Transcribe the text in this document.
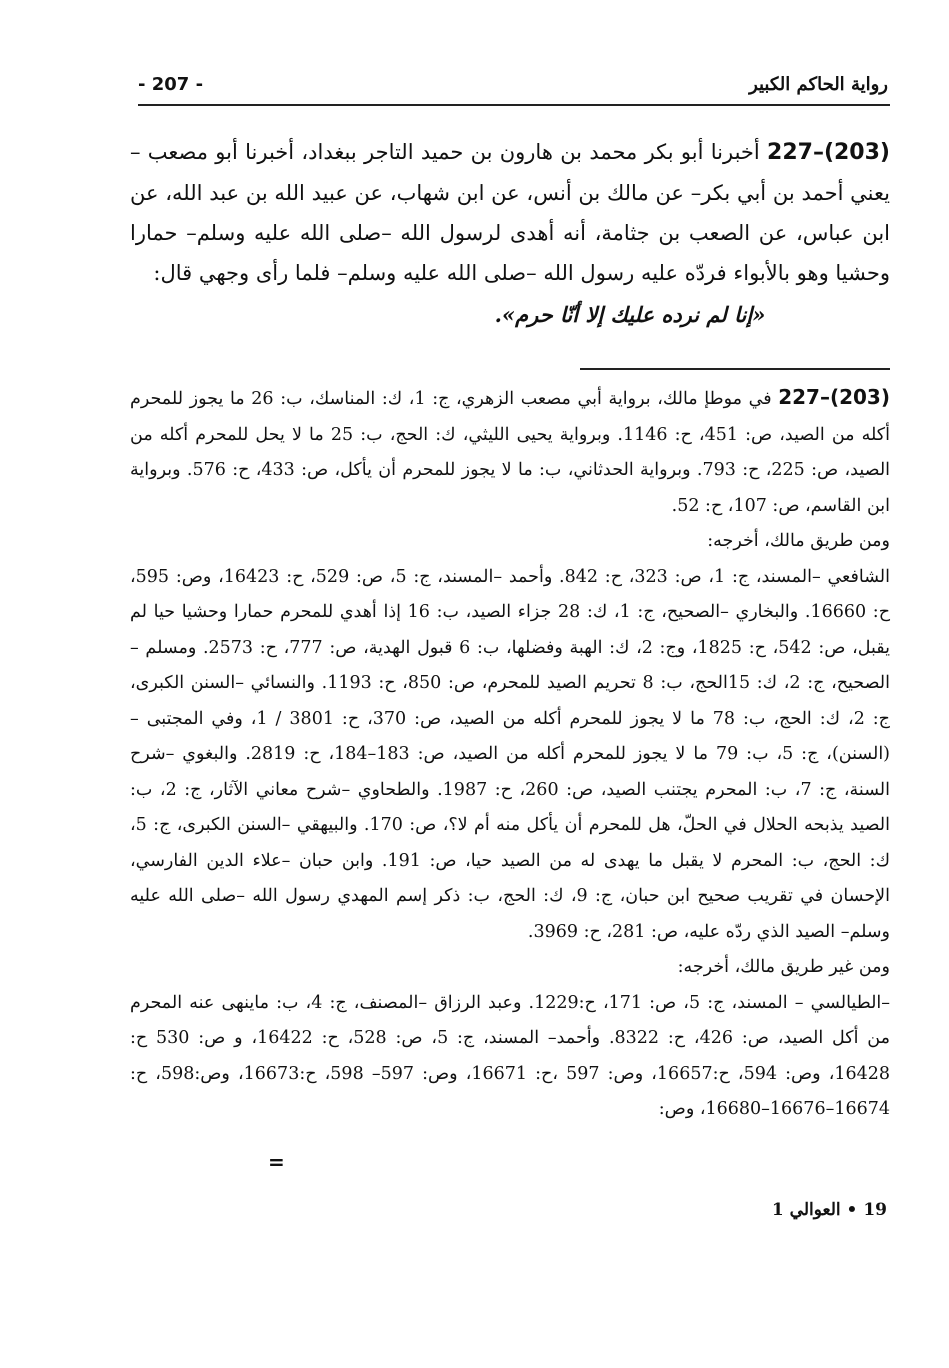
رواية الحاكم الكبير
- 207 -

227–(203) أخبرنا أبو بكر محمد بن هارون بن حميد التاجر ببغداد، أخبرنا أبو مصعب –يعني أحمد بن أبي بكر– عن مالك بن أنس، عن ابن شهاب، عن عبيد الله بن عبد الله، عن ابن عباس، عن الصعب بن جثامة، أنه أهدى لرسول الله –صلى الله عليه وسلم– حمارا وحشيا وهو بالأبواء فردّه عليه رسول الله –صلى الله عليه وسلم– فلما رأى وجهي قال:
«إنا لم نرده عليك إلا أنّا حرم».

227–(203) في موطإ مالك، برواية أبي مصعب الزهري، ج: 1، ك: المناسك، ب: 26 ما يجوز للمحرم أكله من الصيد، ص: 451، ح: 1146. وبرواية يحيى الليثي، ك: الحج، ب: 25 ما لا يحل للمحرم أكله من الصيد، ص: 225، ح: 793. وبرواية الحدثاني، ب: ما لا يجوز للمحرم أن يأكل، ص: 433، ح: 576. وبرواية ابن القاسم، ص: 107، ح: 52.

ومن طريق مالك، أخرجه:

الشافعي –المسند، ج: 1، ص: 323، ح: 842. وأحمد –المسند، ج: 5، ص: 529، ح: 16423، وص: 595، ح: 16660. والبخاري –الصحيح، ج: 1، ك: 28 جزاء الصيد، ب: 16 إذا أهدي للمحرم حمارا وحشيا حيا لم يقبل، ص: 542، ح: 1825، وج: 2، ك: الهبة وفضلها، ب: 6 قبول الهدية، ص: 777، ح: 2573. ومسلم –الصحيح، ج: 2، ك: 15الحج، ب: 8 تحريم الصيد للمحرم، ص: 850، ح: 1193. والنسائي –السنن الكبرى، ج: 2، ك: الحج، ب: 78 ما لا يجوز للمحرم أكله من الصيد، ص: 370، ح: 3801 / 1، وفي المجتبى –(السنن)، ج: 5، ب: 79 ما لا يجوز للمحرم أكله من الصيد، ص: 183–184، ح: 2819. والبغوي –شرح السنة، ج: 7، ب: المحرم يجتنب الصيد، ص: 260، ح: 1987. والطحاوي –شرح معاني الآثار، ج: 2، ب: الصيد يذبحه الحلال في الحلّ، هل للمحرم أن يأكل منه أم لا؟، ص: 170. والبيهقي –السنن الكبرى، ج: 5، ك: الحج، ب: المحرم لا يقبل ما يهدى له من الصيد حيا، ص: 191. وابن حبان –علاء الدين الفارسي، الإحسان في تقريب صحيح ابن حبان، ج: 9، ك: الحج، ب: ذكر إسم المهدي رسول الله –صلى الله عليه وسلم– الصيد الذي ردّه عليه، ص: 281، ح: 3969.

ومن غير طريق مالك، أخرجه:

–الطيالسي – المسند، ج: 5، ص: 171، ح:1229. وعبد الرزاق –المصنف، ج: 4، ب: ماينهى عنه المحرم من أكل الصيد، ص: 426، ح: 8322. وأحمد– المسند، ج: 5، ص: 528، ح: 16422، و ص: 530 ح: 16428، وص: 594، ح:16657، وص: 597 ،ح: 16671، وص: 597– 598، ح:16673، وص:598، ح: 16674–16676–16680، وص:

=
19 • العوالي 1
